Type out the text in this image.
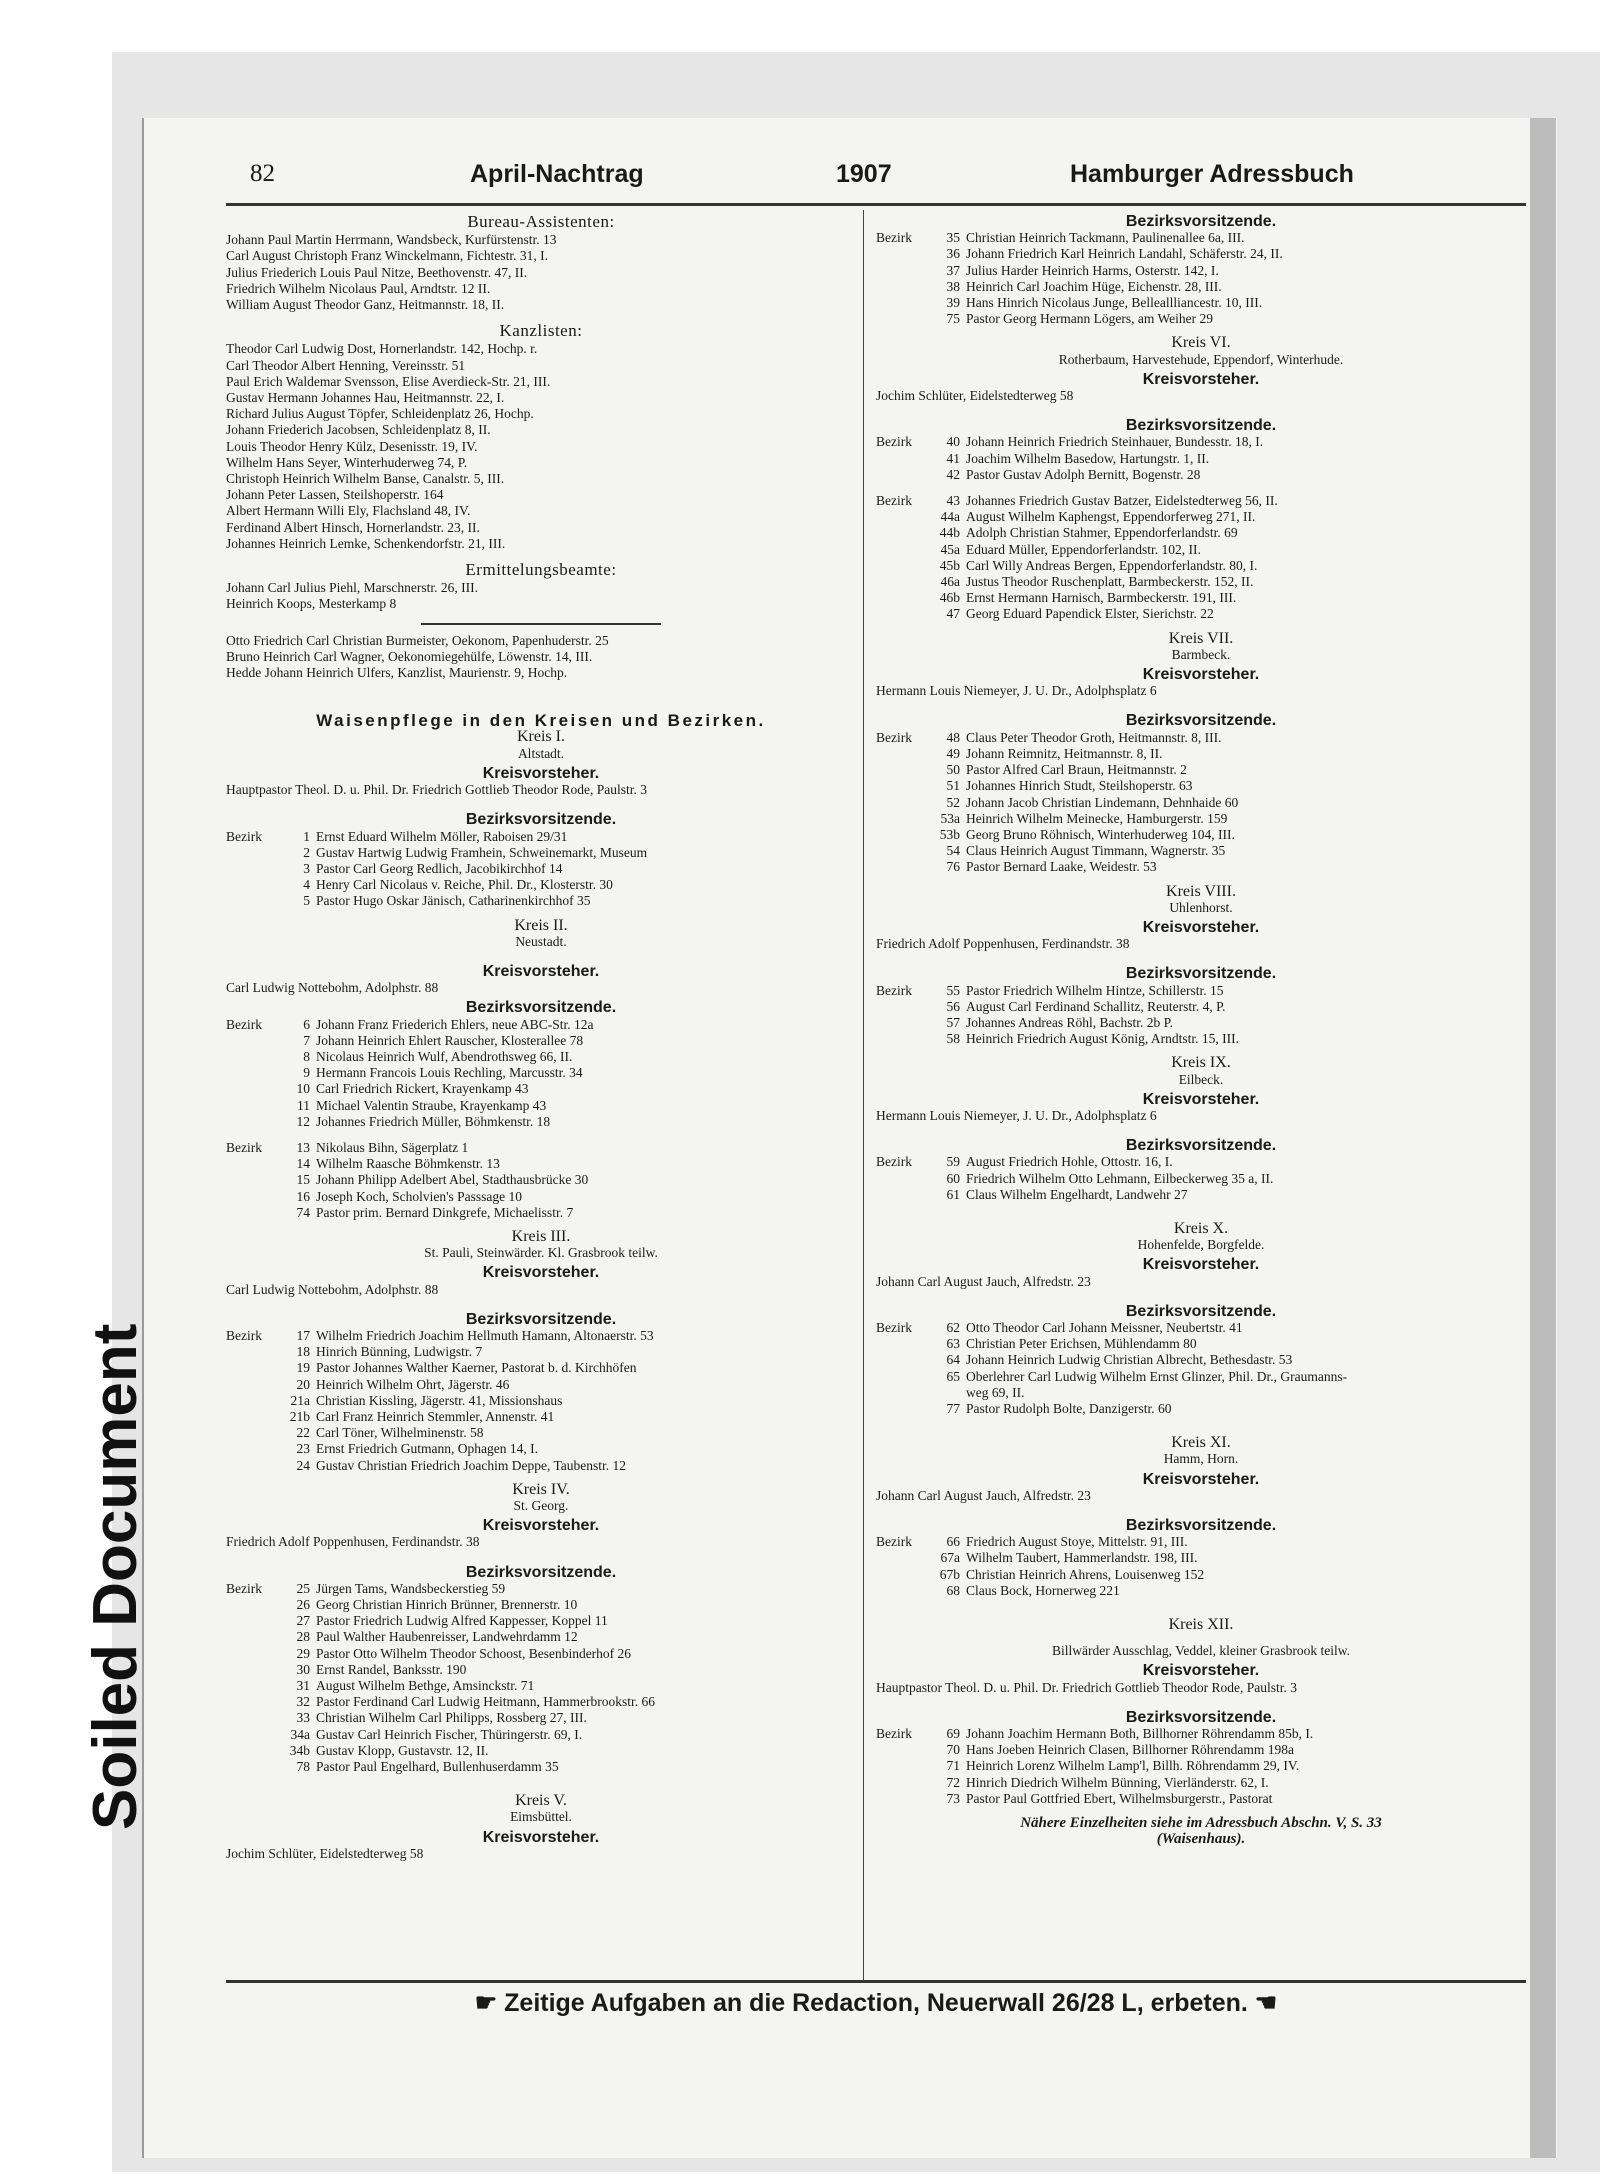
Soiled Document
82	April-Nachtrag	1907	Hamburger Adressbuch
Bureau-Assistenten:
Johann Paul Martin Herrmann, Wandsbeck, Kurfürstenstr. 13
Carl August Christoph Franz Winckelmann, Fichtestr. 31, I.
Julius Friederich Louis Paul Nitze, Beethovenstr. 47, II.
Friedrich Wilhelm Nicolaus Paul, Arndtstr. 12 II.
William August Theodor Ganz, Heitmannstr. 18, II.
Kanzlisten:
Theodor Carl Ludwig Dost, Hornerlandstr. 142, Hochp. r.
Carl Theodor Albert Henning, Vereinsstr. 51
Paul Erich Waldemar Svensson, Elise Averdieck-Str. 21, III.
Gustav Hermann Johannes Hau, Heitmannstr. 22, I.
Richard Julius August Töpfer, Schleidenplatz 26, Hochp.
Johann Friederich Jacobsen, Schleidenplatz 8, II.
Louis Theodor Henry Külz, Desenisstr. 19, IV.
Wilhelm Hans Seyer, Winterhuderweg 74, P.
Christoph Heinrich Wilhelm Banse, Canalstr. 5, III.
Johann Peter Lassen, Steilshoperstr. 164
Albert Hermann Willi Ely, Flachsland 48, IV.
Ferdinand Albert Hinsch, Hornerlandstr. 23, II.
Johannes Heinrich Lemke, Schenkendorfstr. 21, III.
Ermittelungsbeamte:
Johann Carl Julius Piehl, Marschnerstr. 26, III.
Heinrich Koops, Mesterkamp 8
Otto Friedrich Carl Christian Burmeister, Oekonom, Papenhuderstr. 25
Bruno Heinrich Carl Wagner, Oekonomiegehülfe, Löwenstr. 14, III.
Hedde Johann Heinrich Ulfers, Kanzlist, Maurienstr. 9, Hochp.
Waisenpflege in den Kreisen und Bezirken.
Kreis I.
Altstadt.
Kreisvorsteher.
Hauptpastor Theol. D. u. Phil. Dr. Friedrich Gottlieb Theodor Rode, Paulstr. 3
Bezirksvorsitzende.
Bezirk	1 Ernst Eduard Wilhelm Möller, Raboisen 29/31
2 Gustav Hartwig Ludwig Framhein, Schweinemarkt, Museum
3 Pastor Carl Georg Redlich, Jacobikirchhof 14
4 Henry Carl Nicolaus v. Reiche, Phil. Dr., Klosterstr. 30
5 Pastor Hugo Oskar Jänisch, Catharinenkirchhof 35
Kreis II.
Neustadt.
Kreisvorsteher.
Carl Ludwig Nottebohm, Adolphstr. 88
Bezirksvorsitzende.
Bezirk	6 Johann Franz Friederich Ehlers, neue ABC-Str. 12a
7 Johann Heinrich Ehlert Rauscher, Klosterallee 78
8 Nicolaus Heinrich Wulf, Abendrothsweg 66, II.
9 Hermann Francois Louis Rechling, Marcusstr. 34
10 Carl Friedrich Rickert, Krayenkamp 43
11 Michael Valentin Straube, Krayenkamp 43
12 Johannes Friedrich Müller, Böhmkenstr. 18
Bezirk	13 Nikolaus Bihn, Sägerplatz 1
14 Wilhelm Raasche Böhmkenstr. 13
15 Johann Philipp Adelbert Abel, Stadthausbrücke 30
16 Joseph Koch, Scholvien's Passsage 10
74 Pastor prim. Bernard Dinkgrefe, Michaelisstr. 7
Kreis III.
St. Pauli, Steinwärder. Kl. Grasbrook teilw.
Kreisvorsteher.
Carl Ludwig Nottebohm, Adolphstr. 88
Bezirksvorsitzende.
Bezirk	17 Wilhelm Friedrich Joachim Hellmuth Hamann, Altonaerstr. 53
18 Hinrich Bünning, Ludwigstr. 7
19 Pastor Johannes Walther Kaerner, Pastorat b. d. Kirchhöfen
20 Heinrich Wilhelm Ohrt, Jägerstr. 46
21a Christian Kissling, Jägerstr. 41, Missionshaus
21b Carl Franz Heinrich Stemmler, Annenstr. 41
22 Carl Töner, Wilhelminenstr. 58
23 Ernst Friedrich Gutmann, Ophagen 14, I.
24 Gustav Christian Friedrich Joachim Deppe, Taubenstr. 12
Kreis IV.
St. Georg.
Kreisvorsteher.
Friedrich Adolf Poppenhusen, Ferdinandstr. 38
Bezirksvorsitzende.
Bezirk	25 Jürgen Tams, Wandsbeckerstieg 59
26 Georg Christian Hinrich Brünner, Brennerstr. 10
27 Pastor Friedrich Ludwig Alfred Kappesser, Koppel 11
28 Paul Walther Haubenreisser, Landwehrdamm 12
29 Pastor Otto Wilhelm Theodor Schoost, Besenbinderhof 26
30 Ernst Randel, Banksstr. 190
31 August Wilhelm Bethge, Amsinckstr. 71
32 Pastor Ferdinand Carl Ludwig Heitmann, Hammerbrookstr. 66
33 Christian Wilhelm Carl Philipps, Rossberg 27, III.
34a Gustav Carl Heinrich Fischer, Thüringerstr. 69, I.
34b Gustav Klopp, Gustavstr. 12, II.
78 Pastor Paul Engelhard, Bullenhuserdamm 35
Kreis V.
Eimsbüttel.
Kreisvorsteher.
Jochim Schlüter, Eidelstedterweg 58
Bezirksvorsitzende.
Bezirk	35 Christian Heinrich Tackmann, Paulinenallee 6a, III.
36 Johann Friedrich Karl Heinrich Landahl, Schäferstr. 24, II.
37 Julius Harder Heinrich Harms, Osterstr. 142, I.
38 Heinrich Carl Joachim Hüge, Eichenstr. 28, III.
39 Hans Hinrich Nicolaus Junge, Belleallliancestr. 10, III.
75 Pastor Georg Hermann Lögers, am Weiher 29
Kreis VI.
Rotherbaum, Harvestehude, Eppendorf, Winterhude.
Kreisvorsteher.
Jochim Schlüter, Eidelstedterweg 58
Bezirksvorsitzende.
Bezirk	40 Johann Heinrich Friedrich Steinhauer, Bundesstr. 18, I.
41 Joachim Wilhelm Basedow, Hartungstr. 1, II.
42 Pastor Gustav Adolph Bernitt, Bogenstr. 28
Bezirk	43 Johannes Friedrich Gustav Batzer, Eidelstedterweg 56, II.
44a August Wilhelm Kaphengst, Eppendorferweg 271, II.
44b Adolph Christian Stahmer, Eppendorferlandstr. 69
45a Eduard Müller, Eppendorferlandstr. 102, II.
45b Carl Willy Andreas Bergen, Eppendorferlandstr. 80, I.
46a Justus Theodor Ruschenplatt, Barmbeckerstr. 152, II.
46b Ernst Hermann Harnisch, Barmbeckerstr. 191, III.
47 Georg Eduard Papendick Elster, Sierichstr. 22
Kreis VII.
Barmbeck.
Kreisvorsteher.
Hermann Louis Niemeyer, J. U. Dr., Adolphsplatz 6
Bezirksvorsitzende.
Bezirk	48 Claus Peter Theodor Groth, Heitmannstr. 8, III.
49 Johann Reimnitz, Heitmannstr. 8, II.
50 Pastor Alfred Carl Braun, Heitmannstr. 2
51 Johannes Hinrich Studt, Steilshoperstr. 63
52 Johann Jacob Christian Lindemann, Dehnhaide 60
53a Heinrich Wilhelm Meinecke, Hamburgerstr. 159
53b Georg Bruno Röhnisch, Winterhuderweg 104, III.
54 Claus Heinrich August Timmann, Wagnerstr. 35
76 Pastor Bernard Laake, Weidestr. 53
Kreis VIII.
Uhlenhorst.
Kreisvorsteher.
Friedrich Adolf Poppenhusen, Ferdinandstr. 38
Bezirksvorsitzende.
Bezirk	55 Pastor Friedrich Wilhelm Hintze, Schillerstr. 15
56 August Carl Ferdinand Schallitz, Reuterstr. 4, P.
57 Johannes Andreas Röhl, Bachstr. 2b P.
58 Heinrich Friedrich August König, Arndtstr. 15, III.
Kreis IX.
Eilbeck.
Kreisvorsteher.
Hermann Louis Niemeyer, J. U. Dr., Adolphsplatz 6
Bezirksvorsitzende.
Bezirk	59 August Friedrich Hohle, Ottostr. 16, I.
60 Friedrich Wilhelm Otto Lehmann, Eilbeckerweg 35 a, II.
61 Claus Wilhelm Engelhardt, Landwehr 27
Kreis X.
Hohenfelde, Borgfelde.
Kreisvorsteher.
Johann Carl August Jauch, Alfredstr. 23
Bezirksvorsitzende.
Bezirk	62 Otto Theodor Carl Johann Meissner, Neubertstr. 41
63 Christian Peter Erichsen, Mühlendamm 80
64 Johann Heinrich Ludwig Christian Albrecht, Bethesdastr. 53
65 Oberlehrer Carl Ludwig Wilhelm Ernst Glinzer, Phil. Dr., Graumanns-
weg 69, II.
77 Pastor Rudolph Bolte, Danzigerstr. 60
Kreis XI.
Hamm, Horn.
Kreisvorsteher.
Johann Carl August Jauch, Alfredstr. 23
Bezirksvorsitzende.
Bezirk	66 Friedrich August Stoye, Mittelstr. 91, III.
67a Wilhelm Taubert, Hammerlandstr. 198, III.
67b Christian Heinrich Ahrens, Louisenweg 152
68 Claus Bock, Hornerweg 221
Kreis XII.
Billwärder Ausschlag, Veddel, kleiner Grasbrook teilw.
Kreisvorsteher.
Hauptpastor Theol. D. u. Phil. Dr. Friedrich Gottlieb Theodor Rode, Paulstr. 3
Bezirksvorsitzende.
Bezirk	69 Johann Joachim Hermann Both, Billhorner Röhrendamm 85b, I.
70 Hans Joeben Heinrich Clasen, Billhorner Röhrendamm 198a
71 Heinrich Lorenz Wilhelm Lamp'l, Billh. Röhrendamm 29, IV.
72 Hinrich Diedrich Wilhelm Bünning, Vierländerstr. 62, I.
73 Pastor Paul Gottfried Ebert, Wilhelmsburgerstr., Pastorat
Nähere Einzelheiten siehe im Adressbuch Abschn. V, S. 33
(Waisenhaus).
☛ Zeitige Aufgaben an die Redaction, Neuerwall 26/28 L, erbeten. ☚
